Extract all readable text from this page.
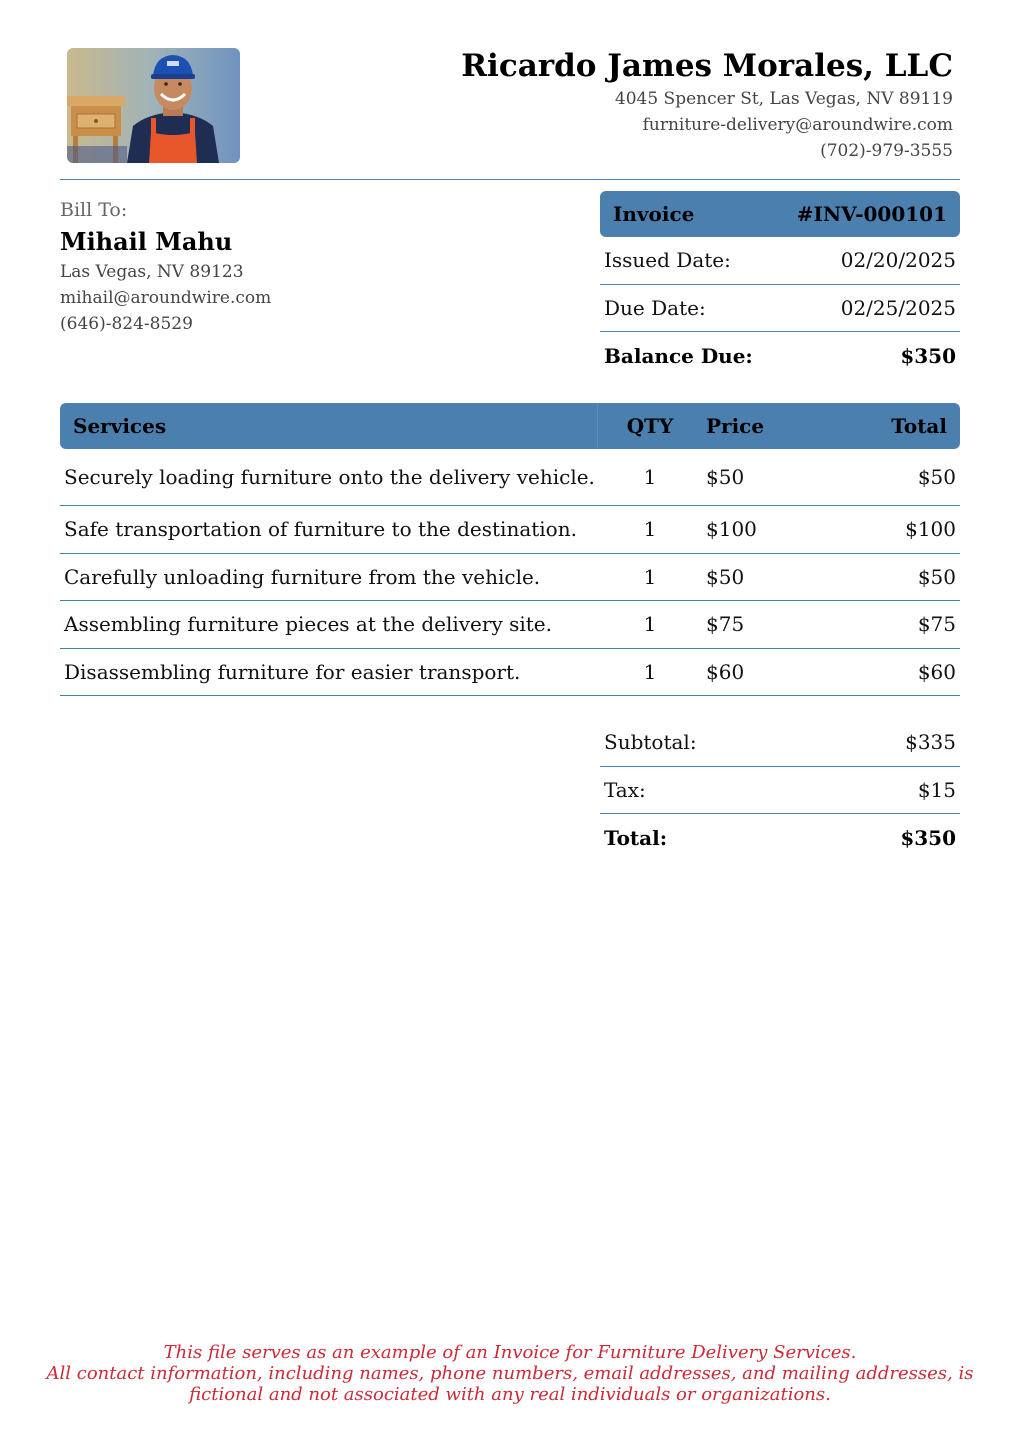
Ricardo James Morales, LLC
4045 Spencer St, Las Vegas, NV 89119
furniture-delivery@aroundwire.com
(702)-979-3555
Bill To:
Mihail Mahu
Las Vegas, NV 89123
mihail@aroundwire.com
(646)-824-8529
Invoice	#INV-000101
Issued Date:	02/20/2025
Due Date:	02/25/2025
Balance Due:	$350
Services	QTY	Price	Total
Securely loading furniture onto the delivery vehicle.	1	$50	$50
Safe transportation of furniture to the destination.	1	$100	$100
Carefully unloading furniture from the vehicle.	1	$50	$50
Assembling furniture pieces at the delivery site.	1	$75	$75
Disassembling furniture for easier transport.	1	$60	$60
Subtotal:	$335
Tax:	$15
Total:	$350
This file serves as an example of an Invoice for Furniture Delivery Services.
All contact information, including names, phone numbers, email addresses, and mailing addresses, is
fictional and not associated with any real individuals or organizations.
